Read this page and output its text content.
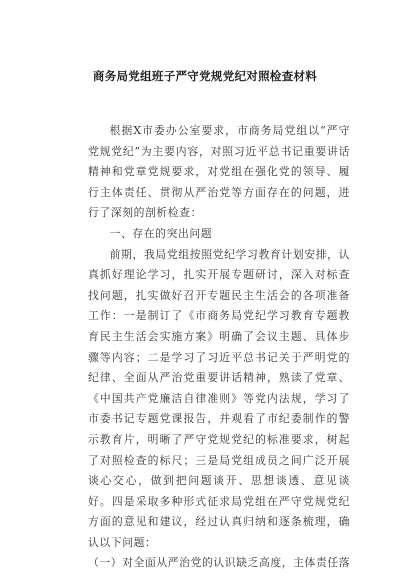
商务局党组班子严守党规党纪对照检查材料

根据X市委办公室要求，市商务局党组以“严守党规党纪”为主要内容，对照习近平总书记重要讲话精神和党章党规要求，对党组在强化党的领导、履行主体责任、贯彻从严治党等方面存在的问题，进行了深刻的剖析检查：

一、存在的突出问题

前期，我局党组按照党纪学习教育计划安排，认真抓好理论学习，扎实开展专题研讨，深入对标查找问题，扎实做好召开专题民主生活会的各项准备工作：一是制订了《市商务局党纪学习教育专题教育民主生活会实施方案》明确了会议主题、具体步骤等内容；二是学习了习近平总书记关于严明党的纪律、全面从严治党重要讲话精神，熟读了党章、《中国共产党廉洁自律准则》等党内法规，学习了市委书记专题党课报告，并观看了市纪委制作的警示教育片，明晰了严守党规党纪的标准要求，树起了对照检查的标尺；三是局党组成员之间广泛开展谈心交心，做到把问题谈开、思想谈透、意见谈好。四是采取多种形式征求局党组在严守党规党纪方面的意见和建议，经过认真归纳和逐条梳理，确认以下问题：

（一）对全面从严治党的认识缺乏高度，主体责任落
